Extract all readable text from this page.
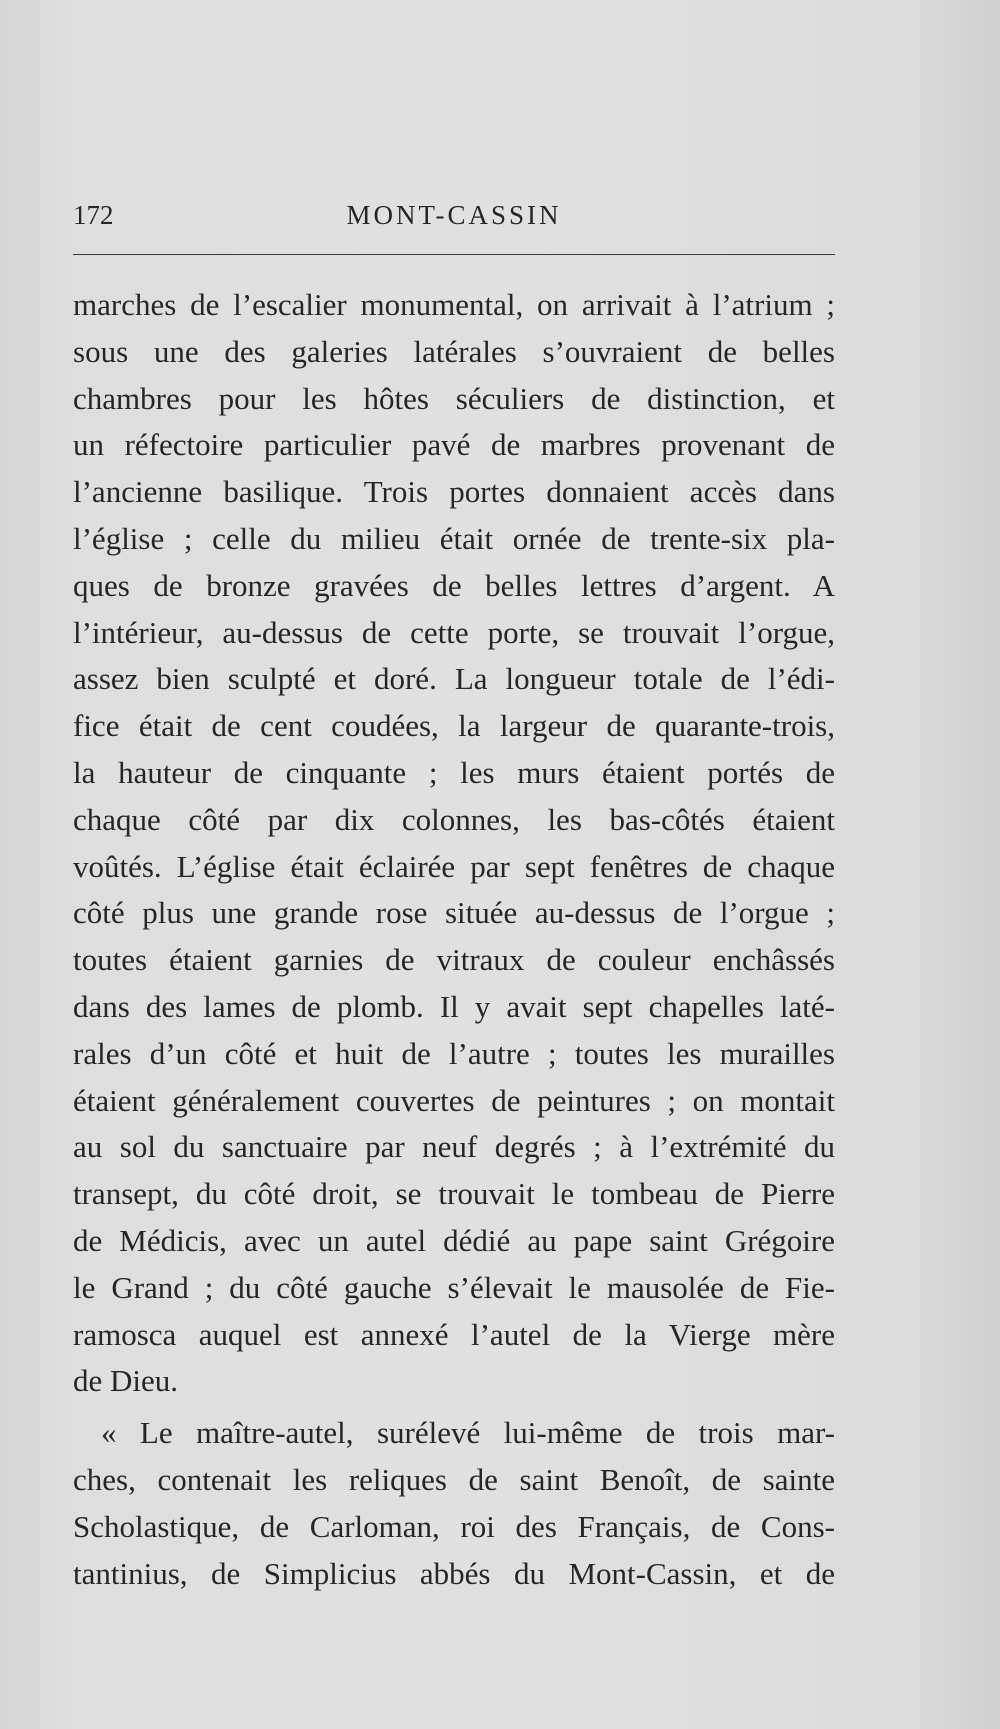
172	MONT-CASSIN
marches de l’escalier monumental, on arrivait à l’atrium ;
sous une des galeries latérales s’ouvraient de belles
chambres pour les hôtes séculiers de distinction, et
un réfectoire particulier pavé de marbres provenant de
l’ancienne basilique. Trois portes donnaient accès dans
l’église ; celle du milieu était ornée de trente-six pla-
ques de bronze gravées de belles lettres d’argent. A
l’intérieur, au-dessus de cette porte, se trouvait l’orgue,
assez bien sculpté et doré. La longueur totale de l’édi-
fice était de cent coudées, la largeur de quarante-trois,
la hauteur de cinquante ; les murs étaient portés de
chaque côté par dix colonnes, les bas-côtés étaient
voûtés. L’église était éclairée par sept fenêtres de chaque
côté plus une grande rose située au-dessus de l’orgue ;
toutes étaient garnies de vitraux de couleur enchâssés
dans des lames de plomb. Il y avait sept chapelles laté-
rales d’un côté et huit de l’autre ; toutes les murailles
étaient généralement couvertes de peintures ; on montait
au sol du sanctuaire par neuf degrés ; à l’extrémité du
transept, du côté droit, se trouvait le tombeau de Pierre
de Médicis, avec un autel dédié au pape saint Grégoire
le Grand ; du côté gauche s’élevait le mausolée de Fie-
ramosca auquel est annexé l’autel de la Vierge mère
de Dieu.
« Le maître-autel, surélevé lui-même de trois mar-
ches, contenait les reliques de saint Benoît, de sainte
Scholastique, de Carloman, roi des Français, de Cons-
tantinius, de Simplicius abbés du Mont-Cassin, et de
